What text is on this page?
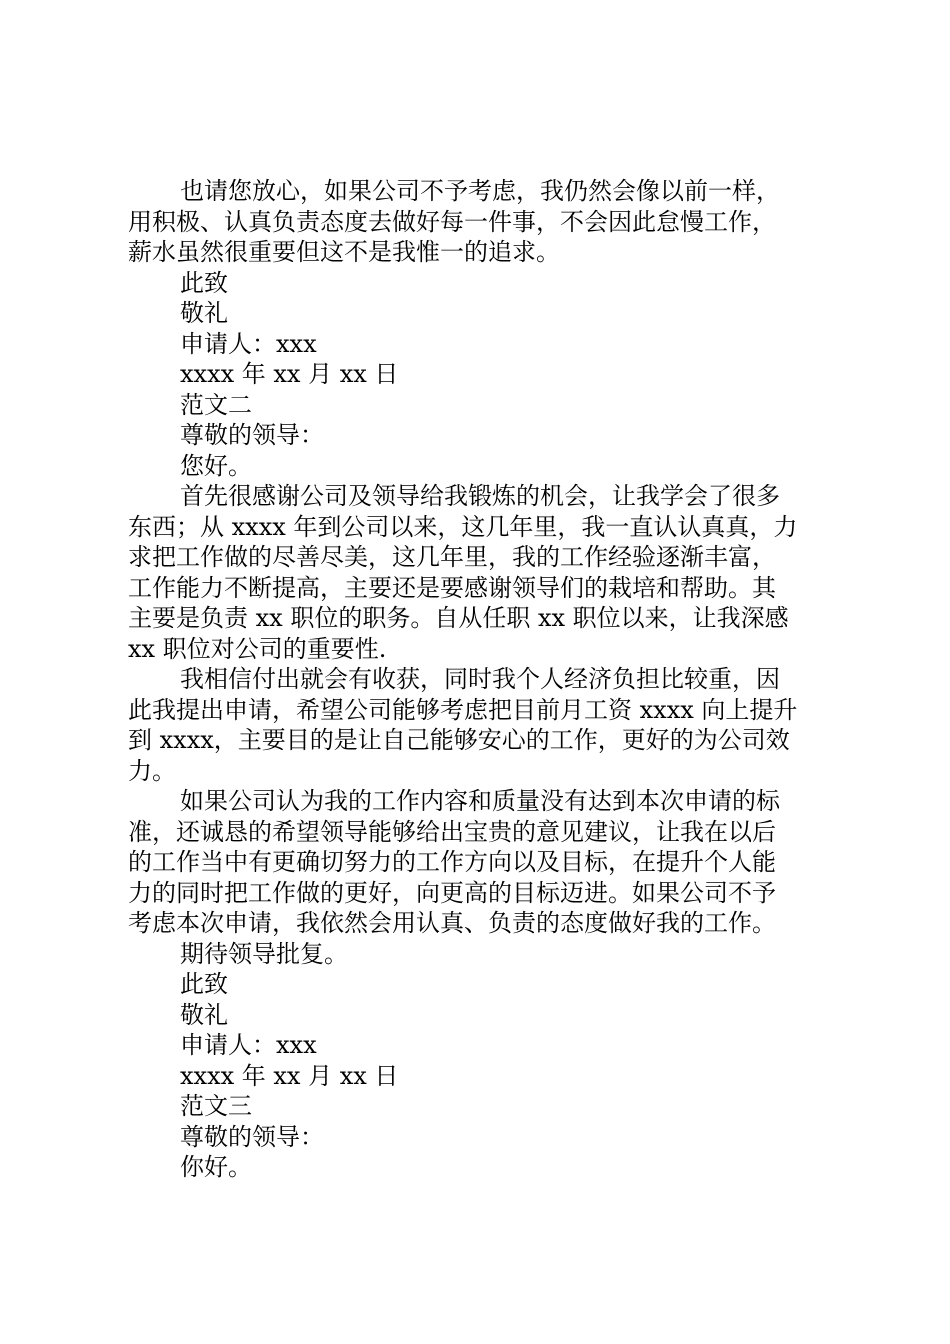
也请您放心，如果公司不予考虑，我仍然会像以前一样，
用积极、认真负责态度去做好每一件事，不会因此怠慢工作，
薪水虽然很重要但这不是我惟一的追求。
此致
敬礼
申请人：xxx
xxxx 年 xx 月 xx 日
范文二
尊敬的领导：
您好。
首先很感谢公司及领导给我锻炼的机会，让我学会了很多
东西；从 xxxx 年到公司以来，这几年里，我一直认认真真，力
求把工作做的尽善尽美，这几年里，我的工作经验逐渐丰富，
工作能力不断提高，主要还是要感谢领导们的栽培和帮助。其
主要是负责 xx 职位的职务。自从任职 xx 职位以来，让我深感
xx 职位对公司的重要性.
我相信付出就会有收获，同时我个人经济负担比较重，因
此我提出申请，希望公司能够考虑把目前月工资 xxxx 向上提升
到 xxxx，主要目的是让自己能够安心的工作，更好的为公司效
力。
如果公司认为我的工作内容和质量没有达到本次申请的标
准，还诚恳的希望领导能够给出宝贵的意见建议，让我在以后
的工作当中有更确切努力的工作方向以及目标，在提升个人能
力的同时把工作做的更好，向更高的目标迈进。如果公司不予
考虑本次申请，我依然会用认真、负责的态度做好我的工作。
期待领导批复。
此致
敬礼
申请人：xxx
xxxx 年 xx 月 xx 日
范文三
尊敬的领导：
你好。
